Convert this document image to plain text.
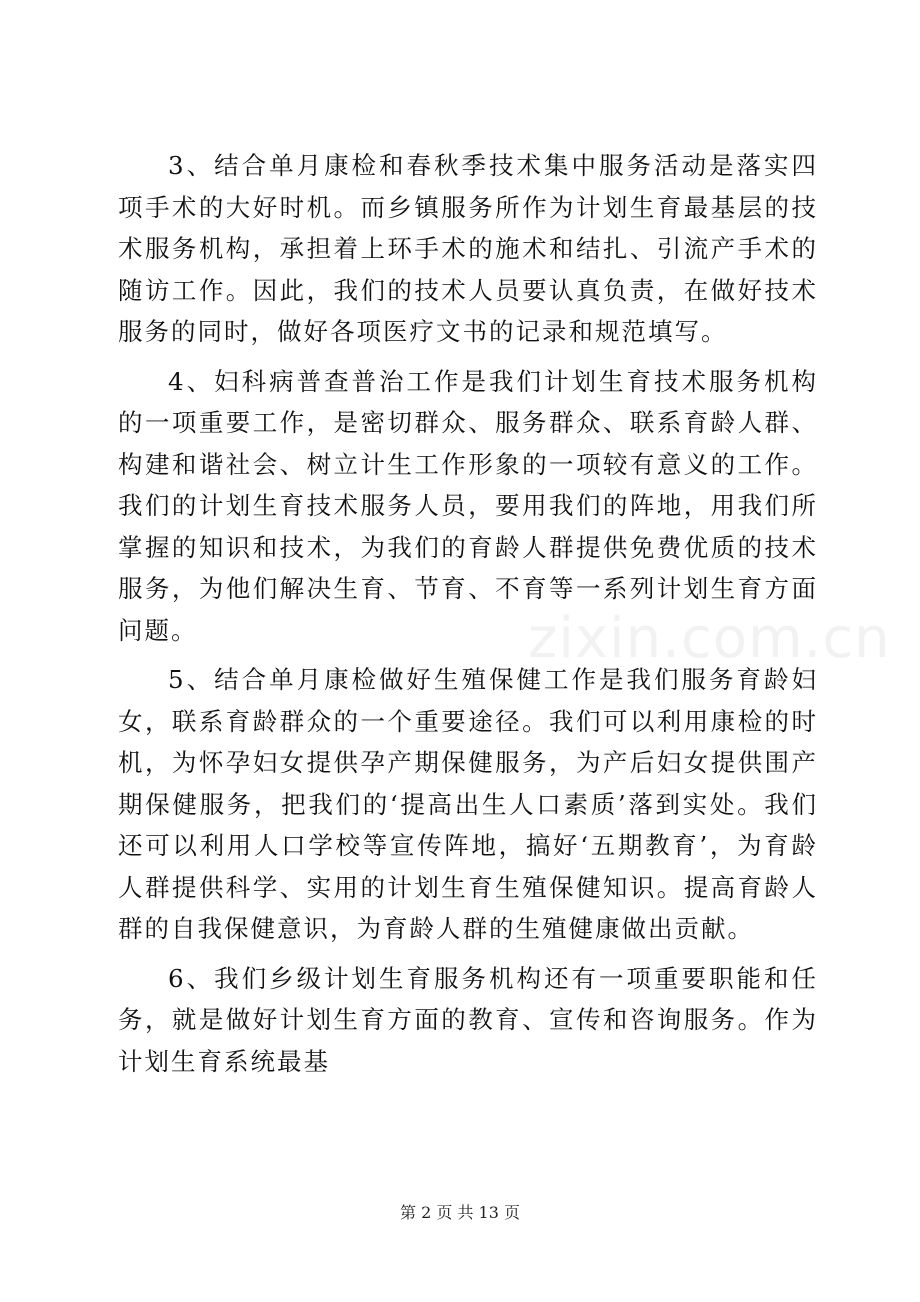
3、结合单月康检和春秋季技术集中服务活动是落实四项手术的大好时机。而乡镇服务所作为计划生育最基层的技术服务机构，承担着上环手术的施术和结扎、引流产手术的随访工作。因此，我们的技术人员要认真负责，在做好技术服务的同时，做好各项医疗文书的记录和规范填写。

4、妇科病普查普治工作是我们计划生育技术服务机构的一项重要工作，是密切群众、服务群众、联系育龄人群、构建和谐社会、树立计生工作形象的一项较有意义的工作。我们的计划生育技术服务人员，要用我们的阵地，用我们所掌握的知识和技术，为我们的育龄人群提供免费优质的技术服务，为他们解决生育、节育、不育等一系列计划生育方面问题。

5、结合单月康检做好生殖保健工作是我们服务育龄妇女，联系育龄群众的一个重要途径。我们可以利用康检的时机，为怀孕妇女提供孕产期保健服务，为产后妇女提供围产期保健服务，把我们的‘提高出生人口素质’落到实处。我们还可以利用人口学校等宣传阵地，搞好‘五期教育’，为育龄人群提供科学、实用的计划生育生殖保健知识。提高育龄人群的自我保健意识，为育龄人群的生殖健康做出贡献。

6、我们乡级计划生育服务机构还有一项重要职能和任务，就是做好计划生育方面的教育、宣传和咨询服务。作为计划生育系统最基

zixin.com.cn
第 2 页 共 13 页
